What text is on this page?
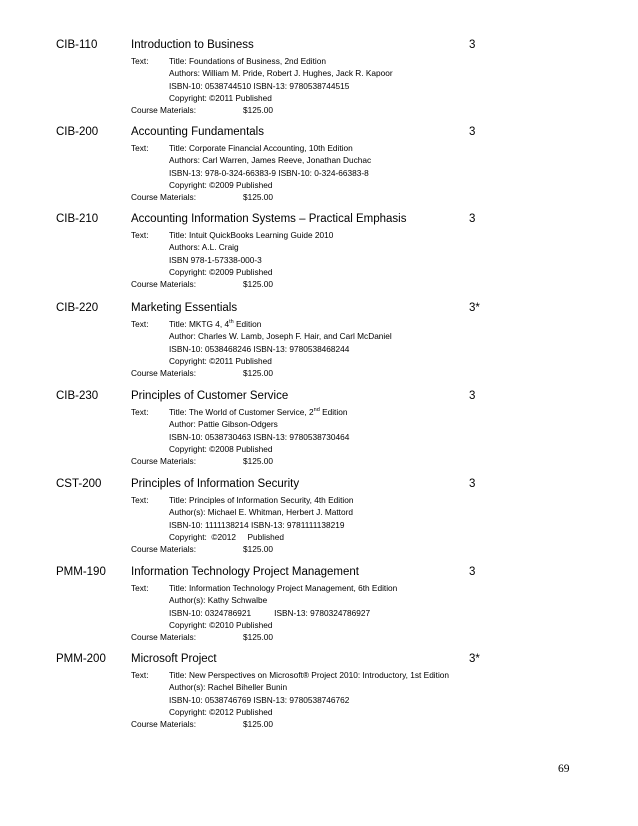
CIB-110	Introduction to Business	3
Text: Title: Foundations of Business, 2nd Edition
Authors: William M. Pride, Robert J. Hughes, Jack R. Kapoor
ISBN-10: 0538744510 ISBN-13: 9780538744515
Copyright: ©2011 Published
Course Materials:	$125.00
CIB-200	Accounting Fundamentals	3
Text: Title: Corporate Financial Accounting, 10th Edition
Authors: Carl Warren, James Reeve, Jonathan Duchac
ISBN-13: 978-0-324-66383-9 ISBN-10: 0-324-66383-8
Copyright: ©2009 Published
Course Materials:	$125.00
CIB-210	Accounting Information Systems – Practical Emphasis	3
Text: Title: Intuit QuickBooks Learning Guide 2010
Authors: A.L. Craig
ISBN 978-1-57338-000-3
Copyright: ©2009 Published
Course Materials:	$125.00
CIB-220	Marketing Essentials	3*
Text: Title: MKTG 4, 4th Edition
Author: Charles W. Lamb, Joseph F. Hair, and Carl McDaniel
ISBN-10: 0538468246 ISBN-13: 9780538468244
Copyright: ©2011 Published
Course Materials:	$125.00
CIB-230	Principles of Customer Service	3
Text: Title: The World of Customer Service, 2nd Edition
Author: Pattie Gibson-Odgers
ISBN-10: 0538730463 ISBN-13: 9780538730464
Copyright: ©2008 Published
Course Materials:	$125.00
CST-200	Principles of Information Security	3
Text: Title: Principles of Information Security, 4th Edition
Author(s): Michael E. Whitman, Herbert J. Mattord
ISBN-10: 1111138214 ISBN-13: 9781111138219
Copyright:  ©2012     Published
Course Materials:	$125.00
PMM-190 Information Technology Project Management	3
Text: Title: Information Technology Project Management, 6th Edition
Author(s): Kathy Schwalbe
ISBN-10: 0324786921          ISBN-13: 9780324786927
Copyright: ©2010 Published
Course Materials:	$125.00
PMM-200 Microsoft Project	3*
Text: Title: New Perspectives on Microsoft® Project 2010: Introductory, 1st Edition
Author(s): Rachel Biheller Bunin
ISBN-10: 0538746769 ISBN-13: 9780538746762
Copyright: ©2012 Published
Course Materials:	$125.00
69
